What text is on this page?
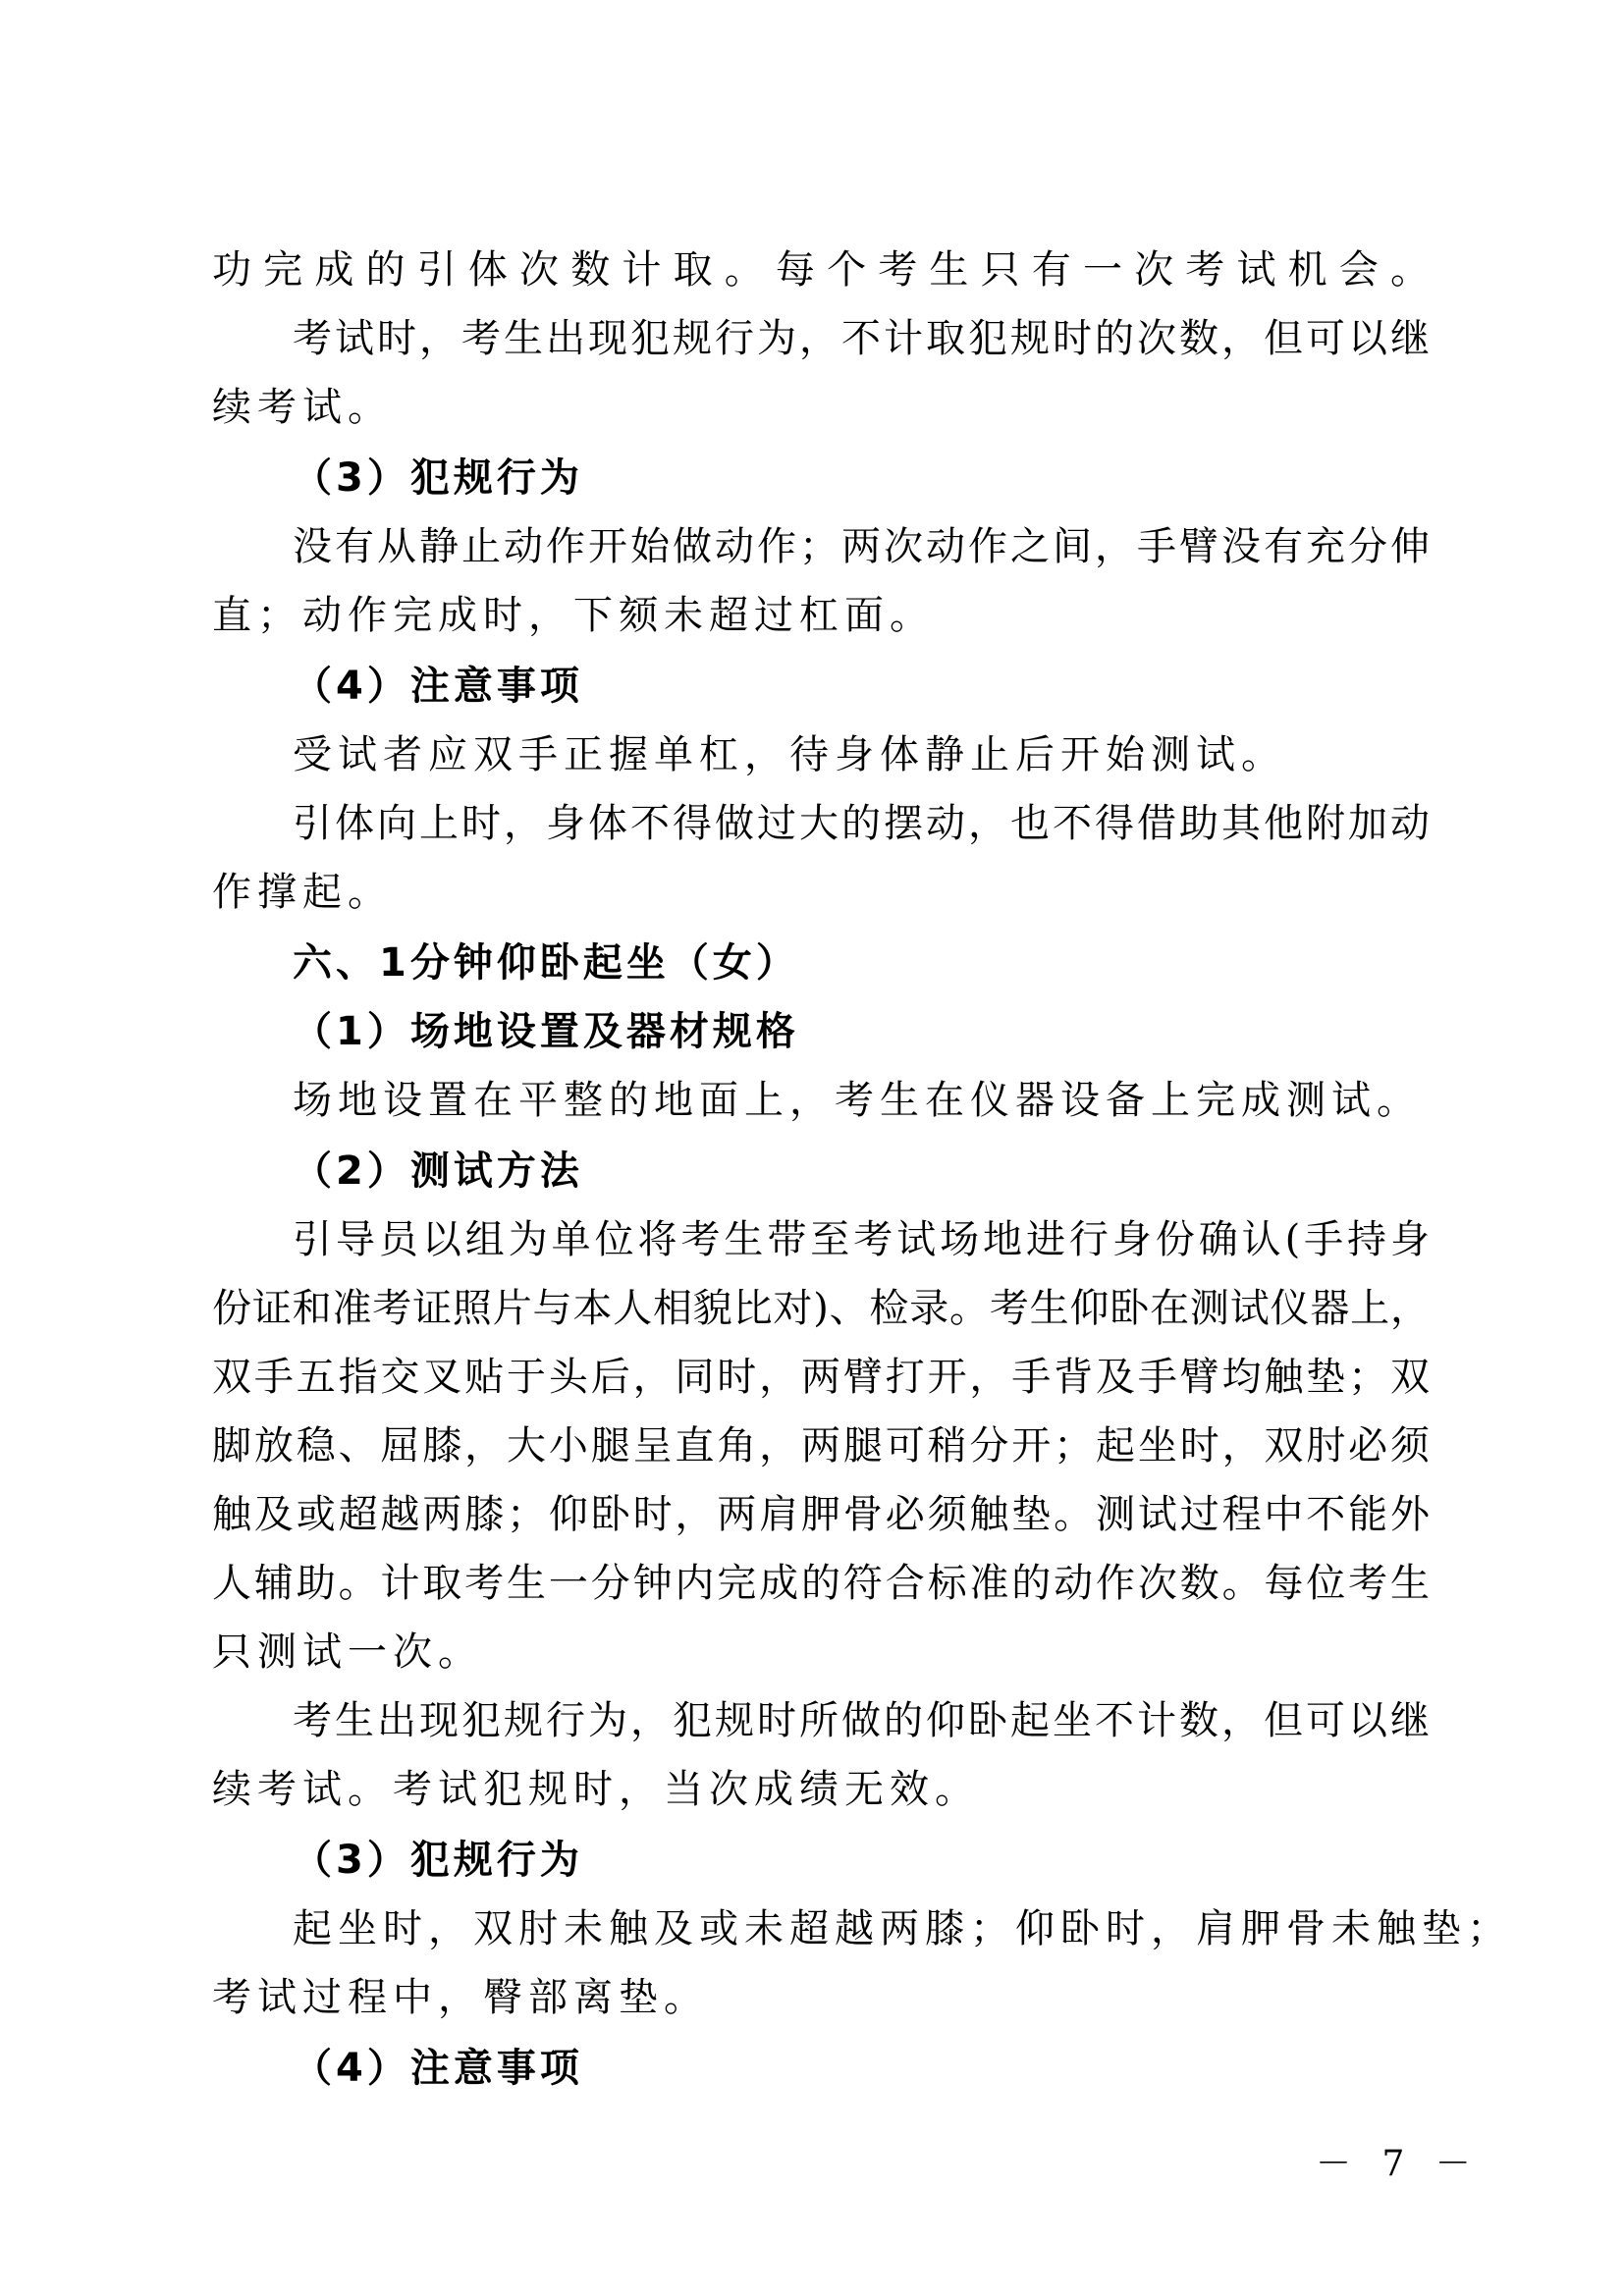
功完成的引体次数计取。每个考生只有一次考试机会。
考试时，考生出现犯规行为，不计取犯规时的次数，但可以继
续考试。
（3）犯规行为
没有从静止动作开始做动作；两次动作之间，手臂没有充分伸
直；动作完成时，下颏未超过杠面。
（4）注意事项
受试者应双手正握单杠，待身体静止后开始测试。
引体向上时，身体不得做过大的摆动，也不得借助其他附加动
作撑起。
六、1分钟仰卧起坐（女）
（1）场地设置及器材规格
场地设置在平整的地面上，考生在仪器设备上完成测试。
（2）测试方法
引导员以组为单位将考生带至考试场地进行身份确认(手持身
份证和准考证照片与本人相貌比对)、检录。考生仰卧在测试仪器上，
双手五指交叉贴于头后，同时，两臂打开，手背及手臂均触垫；双
脚放稳、屈膝，大小腿呈直角，两腿可稍分开；起坐时，双肘必须
触及或超越两膝；仰卧时，两肩胛骨必须触垫。测试过程中不能外
人辅助。计取考生一分钟内完成的符合标准的动作次数。每位考生
只测试一次。
考生出现犯规行为，犯规时所做的仰卧起坐不计数，但可以继
续考试。考试犯规时，当次成绩无效。
（3）犯规行为
起坐时，双肘未触及或未超越两膝；仰卧时，肩胛骨未触垫；
考试过程中，臀部离垫。
（4）注意事项
－ 7 －
